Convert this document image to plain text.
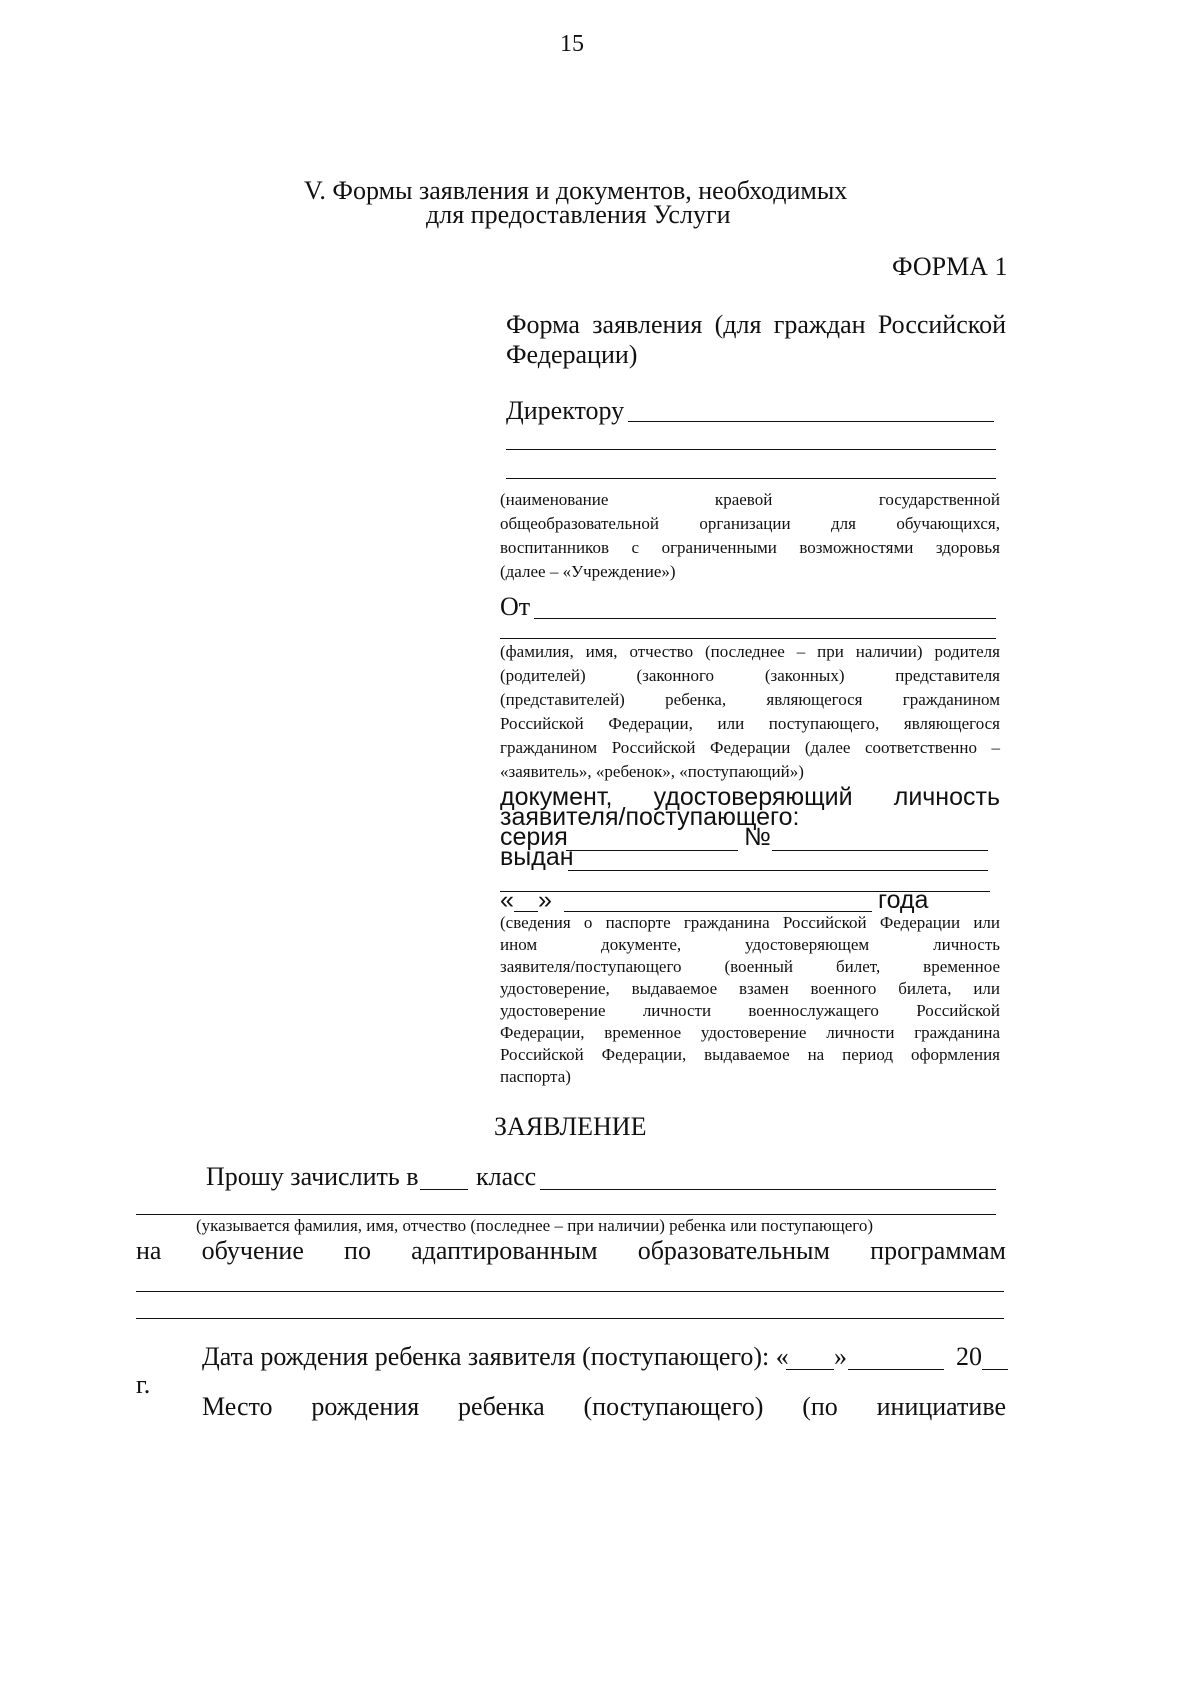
15
V. Формы заявления и документов, необходимых
для предоставления Услуги
ФОРМА 1
Форма заявления (для граждан Российской
Федерации)
Директору
(наименование краевой государственной
общеобразовательной организации для обучающихся,
воспитанников с ограниченными возможностями здоровья
(далее – «Учреждение»)
От
(фамилия, имя, отчество (последнее – при наличии) родителя
(родителей) (законного (законных) представителя
(представителей) ребенка, являющегося гражданином
Российской Федерации, или поступающего, являющегося
гражданином Российской Федерации (далее соответственно –
«заявитель», «ребенок», «поступающий»)
документ, удостоверяющий личность
заявителя/поступающего:
серия	№
выдан
« »	года
(сведения о паспорте гражданина Российской Федерации или
ином документе, удостоверяющем личность
заявителя/поступающего (военный билет, временное
удостоверение, выдаваемое взамен военного билета, или
удостоверение личности военнослужащего Российской
Федерации, временное удостоверение личности гражданина
Российской Федерации, выдаваемое на период оформления
паспорта)
ЗАЯВЛЕНИЕ
Прошу зачислить в класс
(указывается фамилия, имя, отчество (последнее – при наличии) ребенка или поступающего)
на обучение по адаптированным образовательным программам
Дата рождения ребенка заявителя (поступающего): « »	20
г.
Место рождения ребенка (поступающего) (по инициативе
